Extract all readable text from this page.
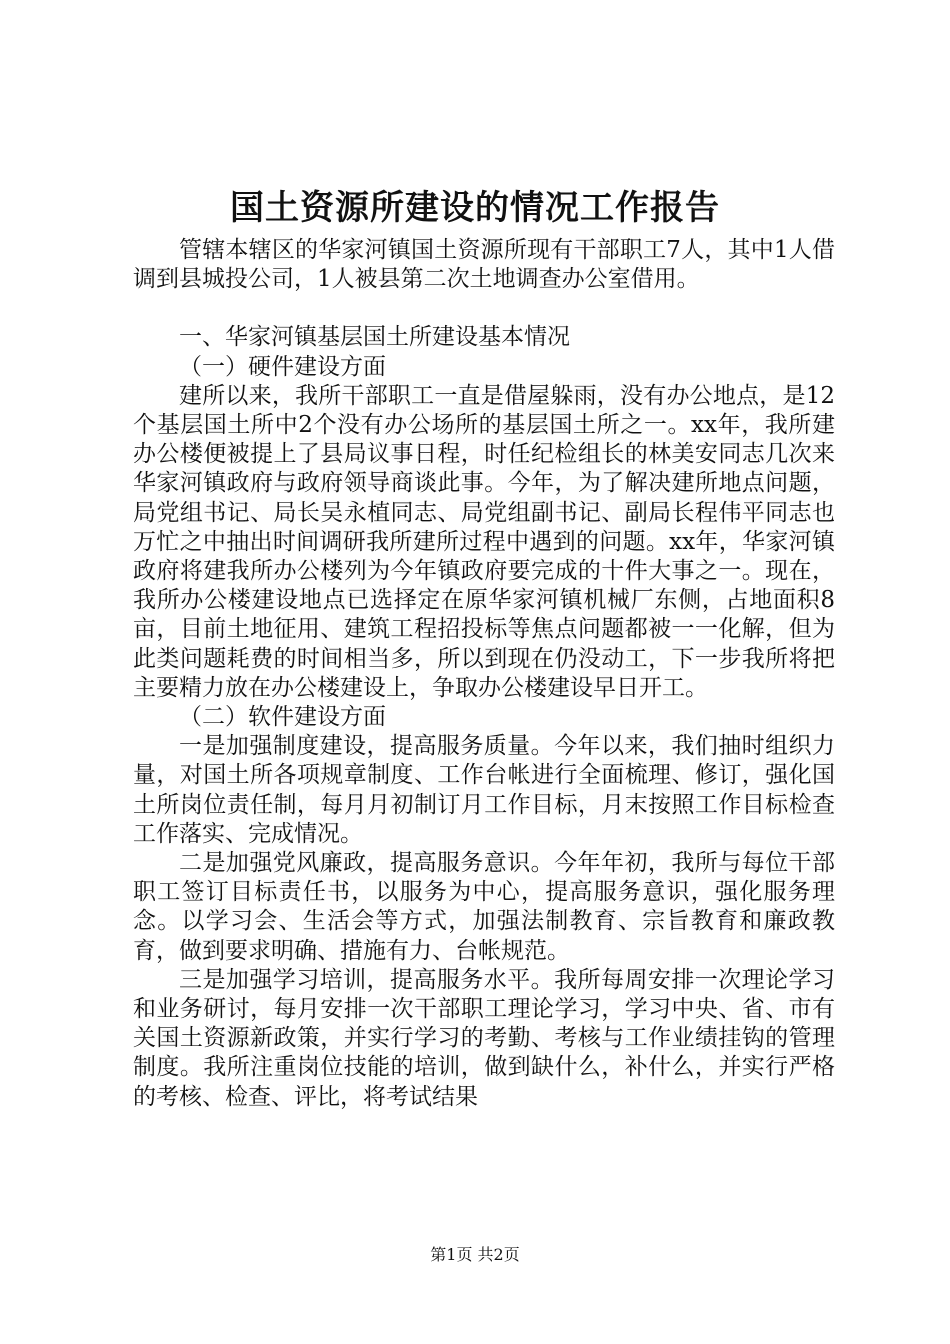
国土资源所建设的情况工作报告

管辖本辖区的华家河镇国土资源所现有干部职工7人，其中1人借调到县城投公司，1人被县第二次土地调查办公室借用。

一、华家河镇基层国土所建设基本情况

（一）硬件建设方面

建所以来，我所干部职工一直是借屋躲雨，没有办公地点，是12个基层国土所中2个没有办公场所的基层国土所之一。xx年，我所建办公楼便被提上了县局议事日程，时任纪检组长的林美安同志几次来华家河镇政府与政府领导商谈此事。今年，为了解决建所地点问题，局党组书记、局长吴永植同志、局党组副书记、副局长程伟平同志也万忙之中抽出时间调研我所建所过程中遇到的问题。xx年，华家河镇政府将建我所办公楼列为今年镇政府要完成的十件大事之一。现在，我所办公楼建设地点已选择定在原华家河镇机械厂东侧，占地面积8亩，目前土地征用、建筑工程招投标等焦点问题都被一一化解，但为此类问题耗费的时间相当多，所以到现在仍没动工，下一步我所将把主要精力放在办公楼建设上，争取办公楼建设早日开工。

（二）软件建设方面

一是加强制度建设，提高服务质量。今年以来，我们抽时组织力量，对国土所各项规章制度、工作台帐进行全面梳理、修订，强化国土所岗位责任制，每月月初制订月工作目标，月末按照工作目标检查工作落实、完成情况。

二是加强党风廉政，提高服务意识。今年年初，我所与每位干部职工签订目标责任书，以服务为中心，提高服务意识，强化服务理念。以学习会、生活会等方式，加强法制教育、宗旨教育和廉政教育，做到要求明确、措施有力、台帐规范。

三是加强学习培训，提高服务水平。我所每周安排一次理论学习和业务研讨，每月安排一次干部职工理论学习，学习中央、省、市有关国土资源新政策，并实行学习的考勤、考核与工作业绩挂钩的管理制度。我所注重岗位技能的培训，做到缺什么，补什么，并实行严格的考核、检查、评比，将考试结果

第1页 共2页
